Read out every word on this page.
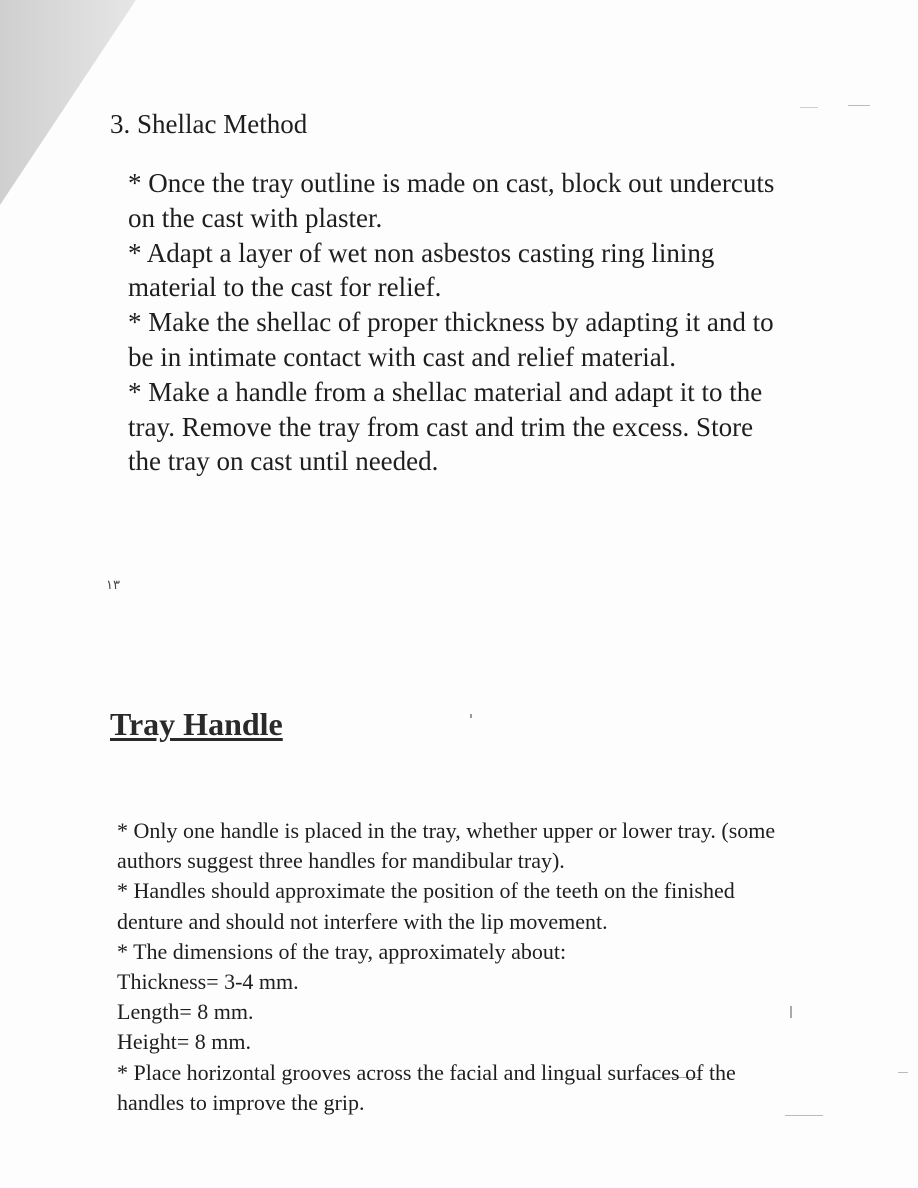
3. Shellac Method
* Once the tray outline is made on cast, block out undercuts on the cast with plaster.
* Adapt a layer of wet non asbestos casting ring lining material to the cast for relief.
* Make the shellac of proper thickness by adapting it and to be in intimate contact with cast and relief material.
* Make a handle from a shellac material and adapt it to the tray. Remove the tray from cast and trim the excess. Store the tray on cast until needed.
١٣
Tray Handle
* Only one handle is placed in the tray, whether upper or lower tray. (some authors suggest three handles for mandibular tray).
* Handles should approximate the position of the teeth on the finished denture and should not interfere with the lip movement.
* The dimensions of the tray, approximately about:
Thickness= 3-4 mm.
Length= 8 mm.
Height= 8 mm.
* Place horizontal grooves across the facial and lingual surfaces of the handles to improve the grip.
